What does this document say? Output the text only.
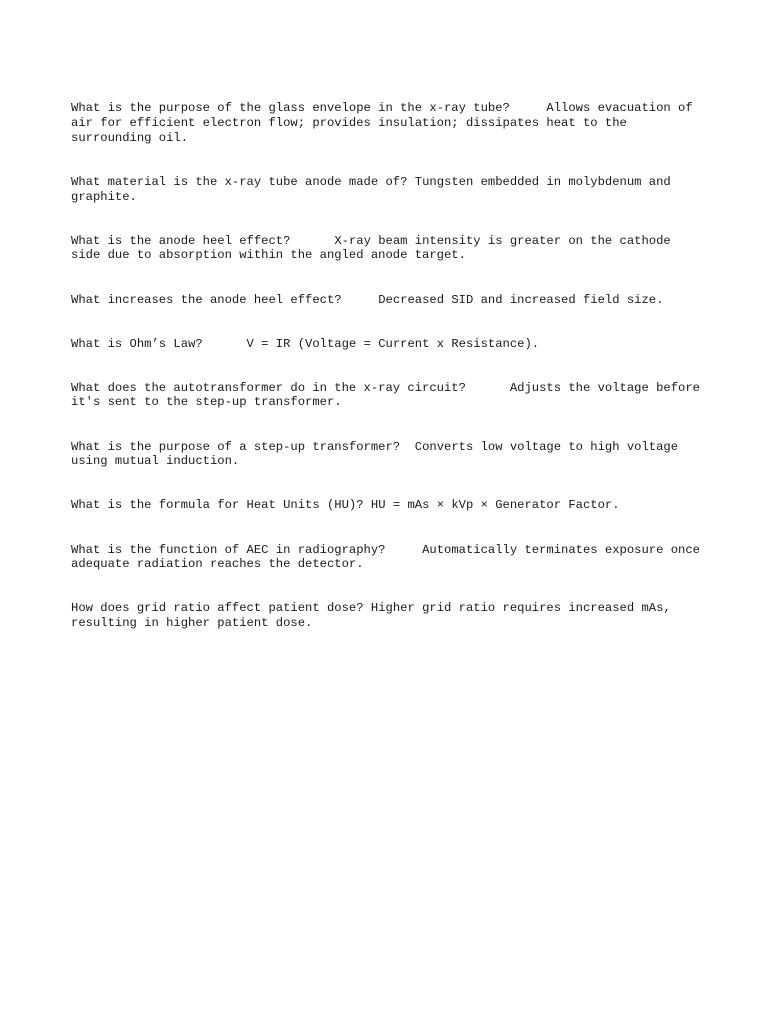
What is the purpose of the glass envelope in the x-ray tube?	Allows evacuation of air for efficient electron flow; provides insulation; dissipates heat to the surrounding oil.

What material is the x-ray tube anode made of? Tungsten embedded in molybdenum and graphite.

What is the anode heel effect?	X-ray beam intensity is greater on the cathode side due to absorption within the angled anode target.

What increases the anode heel effect?	Decreased SID and increased field size.

What is Ohm’s Law?	V = IR (Voltage = Current x Resistance).

What does the autotransformer do in the x-ray circuit?	Adjusts the voltage before it's sent to the step-up transformer.

What is the purpose of a step-up transformer? Converts low voltage to high voltage using mutual induction.

What is the formula for Heat Units (HU)? HU = mAs × kVp × Generator Factor.

What is the function of AEC in radiography?	Automatically terminates exposure once adequate radiation reaches the detector.

How does grid ratio affect patient dose? Higher grid ratio requires increased mAs, resulting in higher patient dose.
